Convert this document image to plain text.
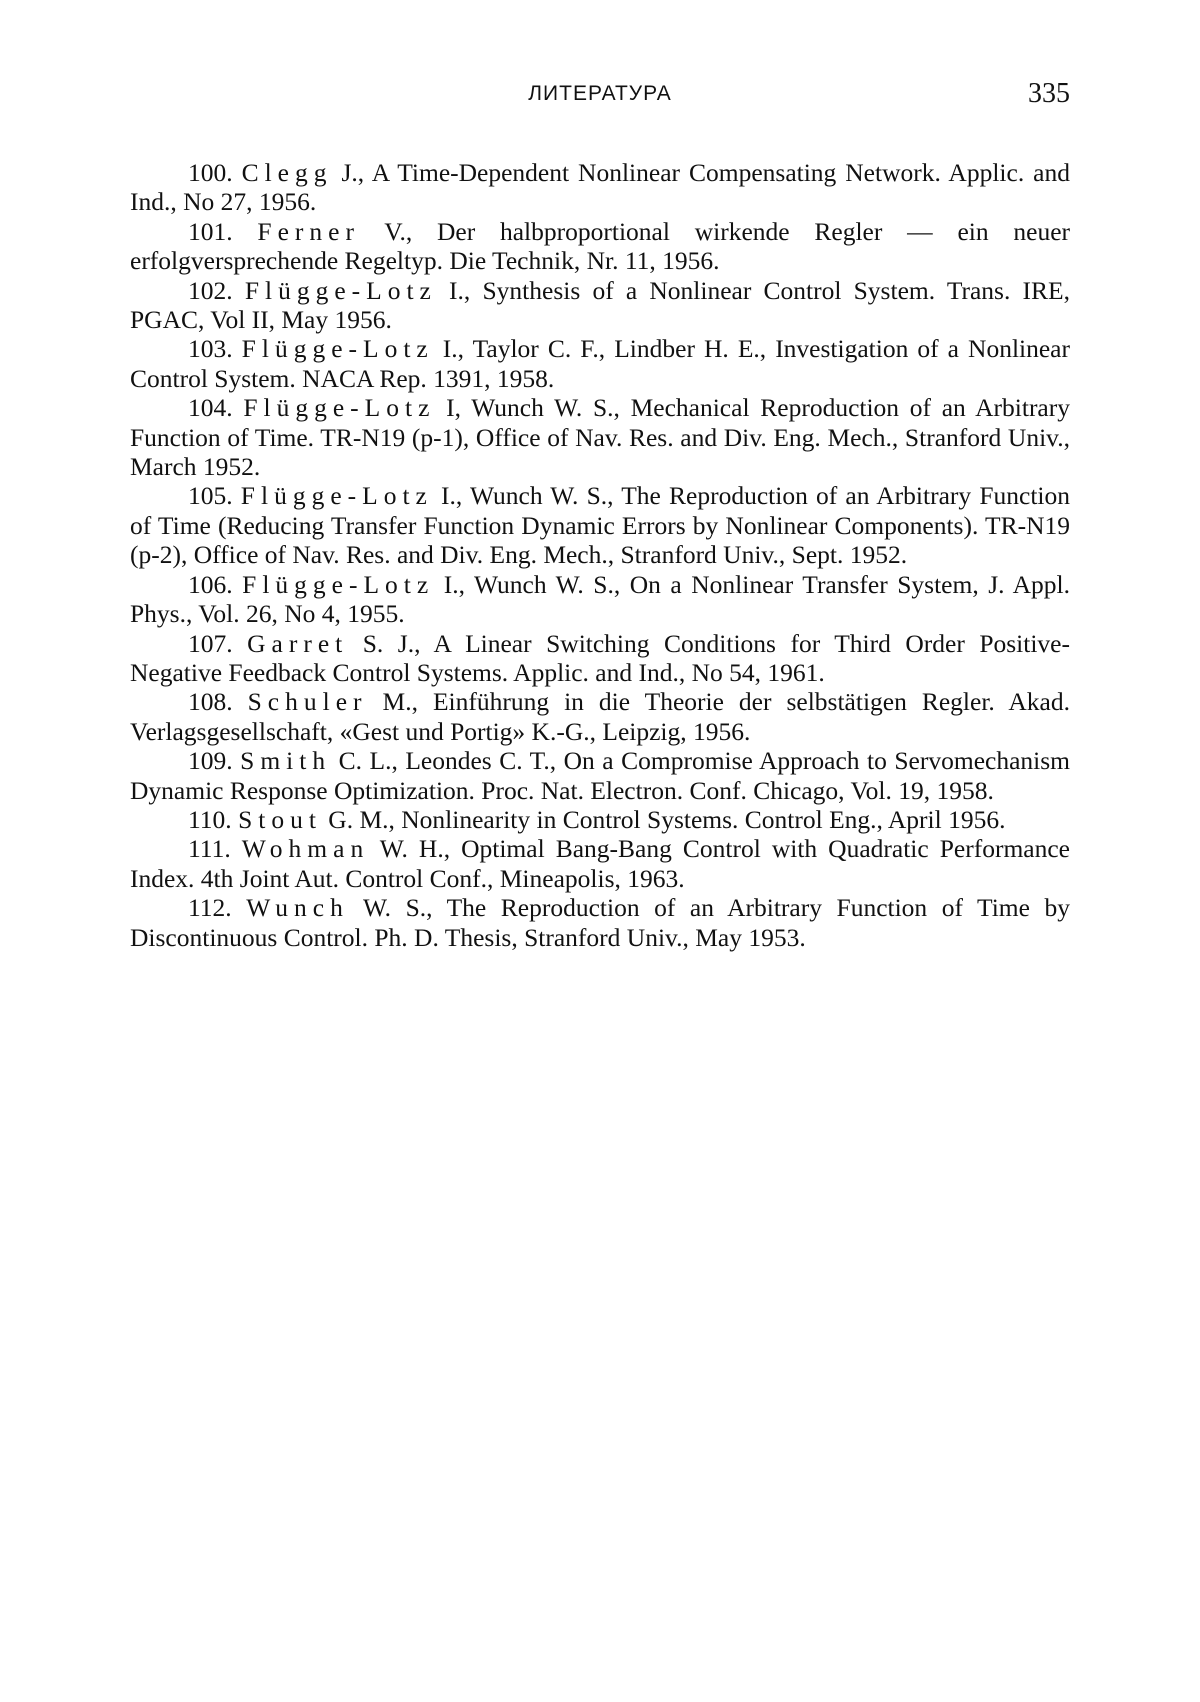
ЛИТЕРАТУРА	335

100. Clegg J., A Time-Dependent Nonlinear Compensating Network. Applic. and Ind., No 27, 1956.

101. Ferner V., Der halbproportional wirkende Regler — ein neuer erfolgversprechende Regeltyp. Die Technik, Nr. 11, 1956.

102. Flügge-Lotz I., Synthesis of a Nonlinear Control System. Trans. IRE, PGAC, Vol II, May 1956.

103. Flügge-Lotz I., Taylor C. F., Lindber H. E., Investigation of a Nonlinear Control System. NACA Rep. 1391, 1958.

104. Flügge-Lotz I, Wunch W. S., Mechanical Reproduction of an Arbitrary Function of Time. TR-N19 (p-1), Office of Nav. Res. and Div. Eng. Mech., Stranford Univ., March 1952.

105. Flügge-Lotz I., Wunch W. S., The Reproduction of an Arbitrary Function of Time (Reducing Transfer Function Dynamic Errors by Nonlinear Components). TR-N19 (p-2), Office of Nav. Res. and Div. Eng. Mech., Stranford Univ., Sept. 1952.

106. Flügge-Lotz I., Wunch W. S., On a Nonlinear Transfer System, J. Appl. Phys., Vol. 26, No 4, 1955.

107. Garret S. J., A Linear Switching Conditions for Third Order Positive-Negative Feedback Control Systems. Applic. and Ind., No 54, 1961.

108. Schuler M., Einführung in die Theorie der selbstätigen Regler. Akad. Verlagsgesellschaft, «Gest und Portig» K.-G., Leipzig, 1956.

109. Smith C. L., Leondes C. T., On a Compromise Approach to Servomechanism Dynamic Response Optimization. Proc. Nat. Electron. Conf. Chicago, Vol. 19, 1958.

110. Stout G. M., Nonlinearity in Control Systems. Control Eng., April 1956.

111. Wohman W. H., Optimal Bang-Bang Control with Quadratic Performance Index. 4th Joint Aut. Control Conf., Mineapolis, 1963.

112. Wunch W. S., The Reproduction of an Arbitrary Function of Time by Discontinuous Control. Ph. D. Thesis, Stranford Univ., May 1953.
